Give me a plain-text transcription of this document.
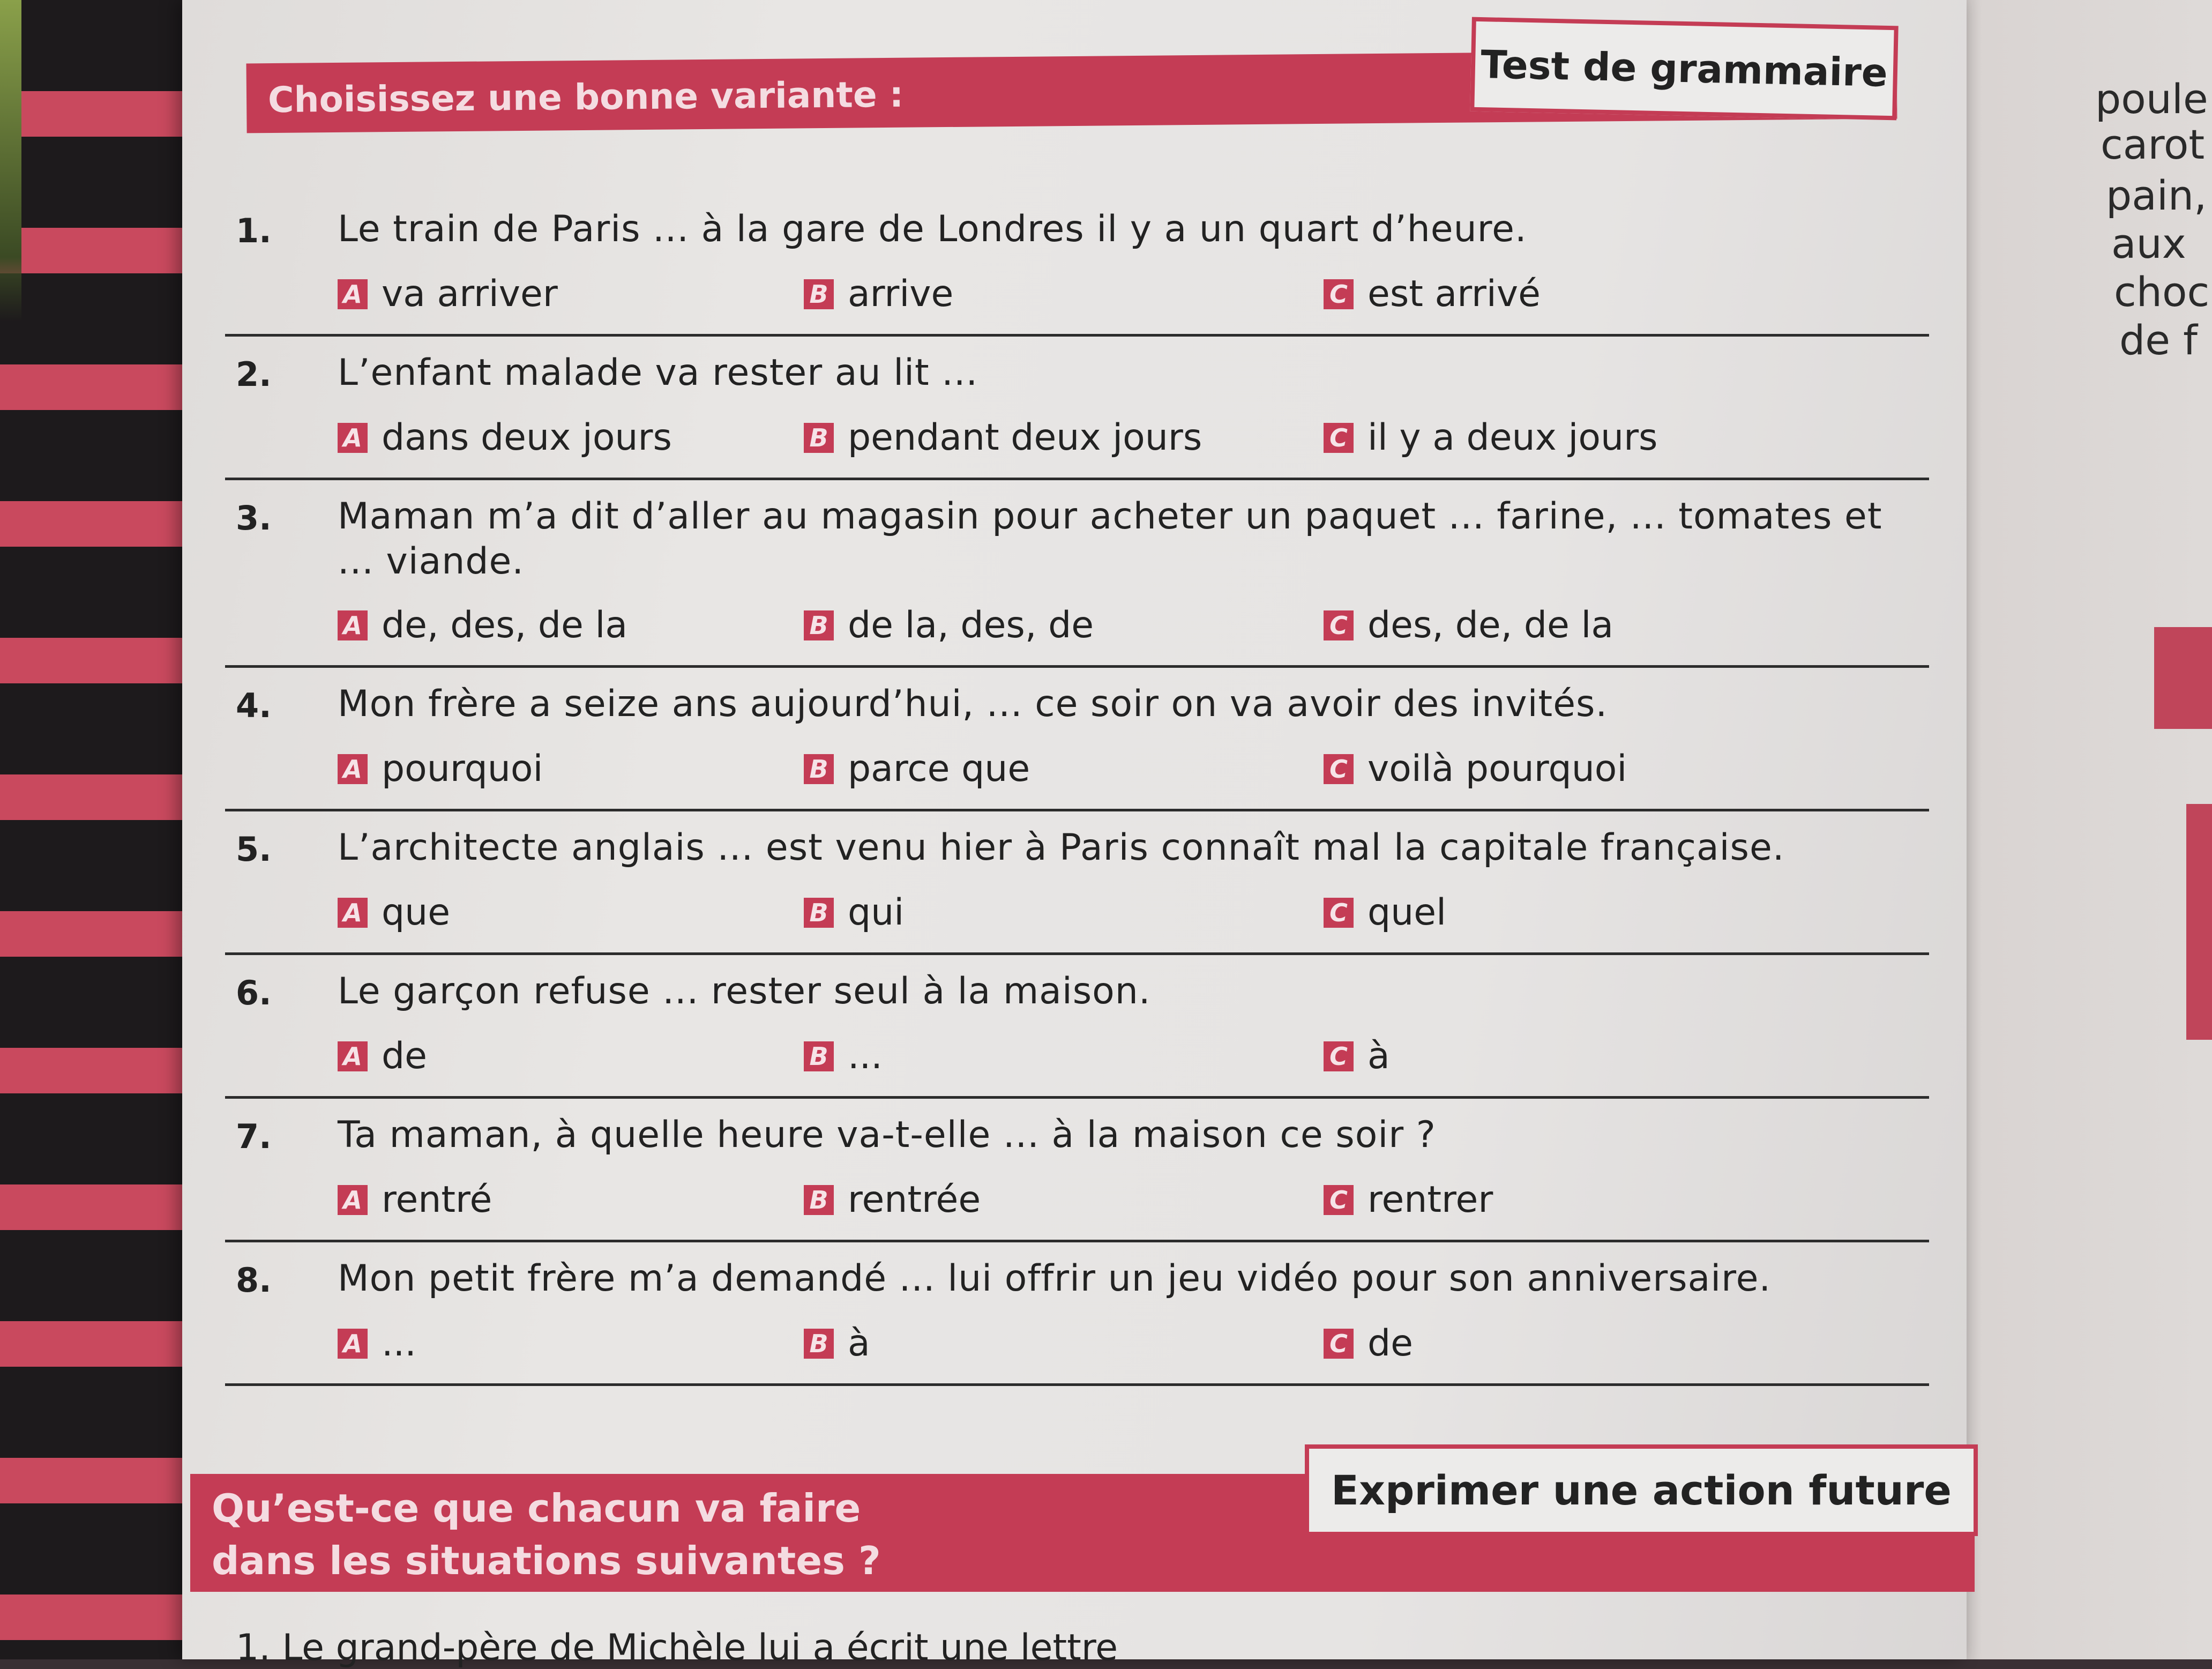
poule
carot
pain,
aux
choc
de f
Choisissez une bonne variante :
Test de grammaire
1. Le train de Paris ... à la gare de Londres il y a un quart d’heure.
A va arriver	B arrive	C est arrivé
2. L’enfant malade va rester au lit ...
A dans deux jours	B pendant deux jours	C il y a deux jours
3. Maman m’a dit d’aller au magasin pour acheter un paquet ... farine, ... tomates et ... viande.
A de, des, de la	B de la, des, de	C des, de, de la
4. Mon frère a seize ans aujourd’hui, ... ce soir on va avoir des invités.
A pourquoi	B parce que	C voilà pourquoi
5. L’architecte anglais ... est venu hier à Paris connaît mal la capitale française.
A que	B qui	C quel
6. Le garçon refuse ... rester seul à la maison.
A de	B ...	C à
7. Ta maman, à quelle heure va-t-elle ... à la maison ce soir ?
A rentré	B rentrée	C rentrer
8. Mon petit frère m’a demandé ... lui offrir un jeu vidéo pour son anniversaire.
A ...	B à	C de
Qu’est-ce que chacun va faire
dans les situations suivantes ?
Exprimer une action future
1. Le grand-père de Michèle lui a écrit une lettre
